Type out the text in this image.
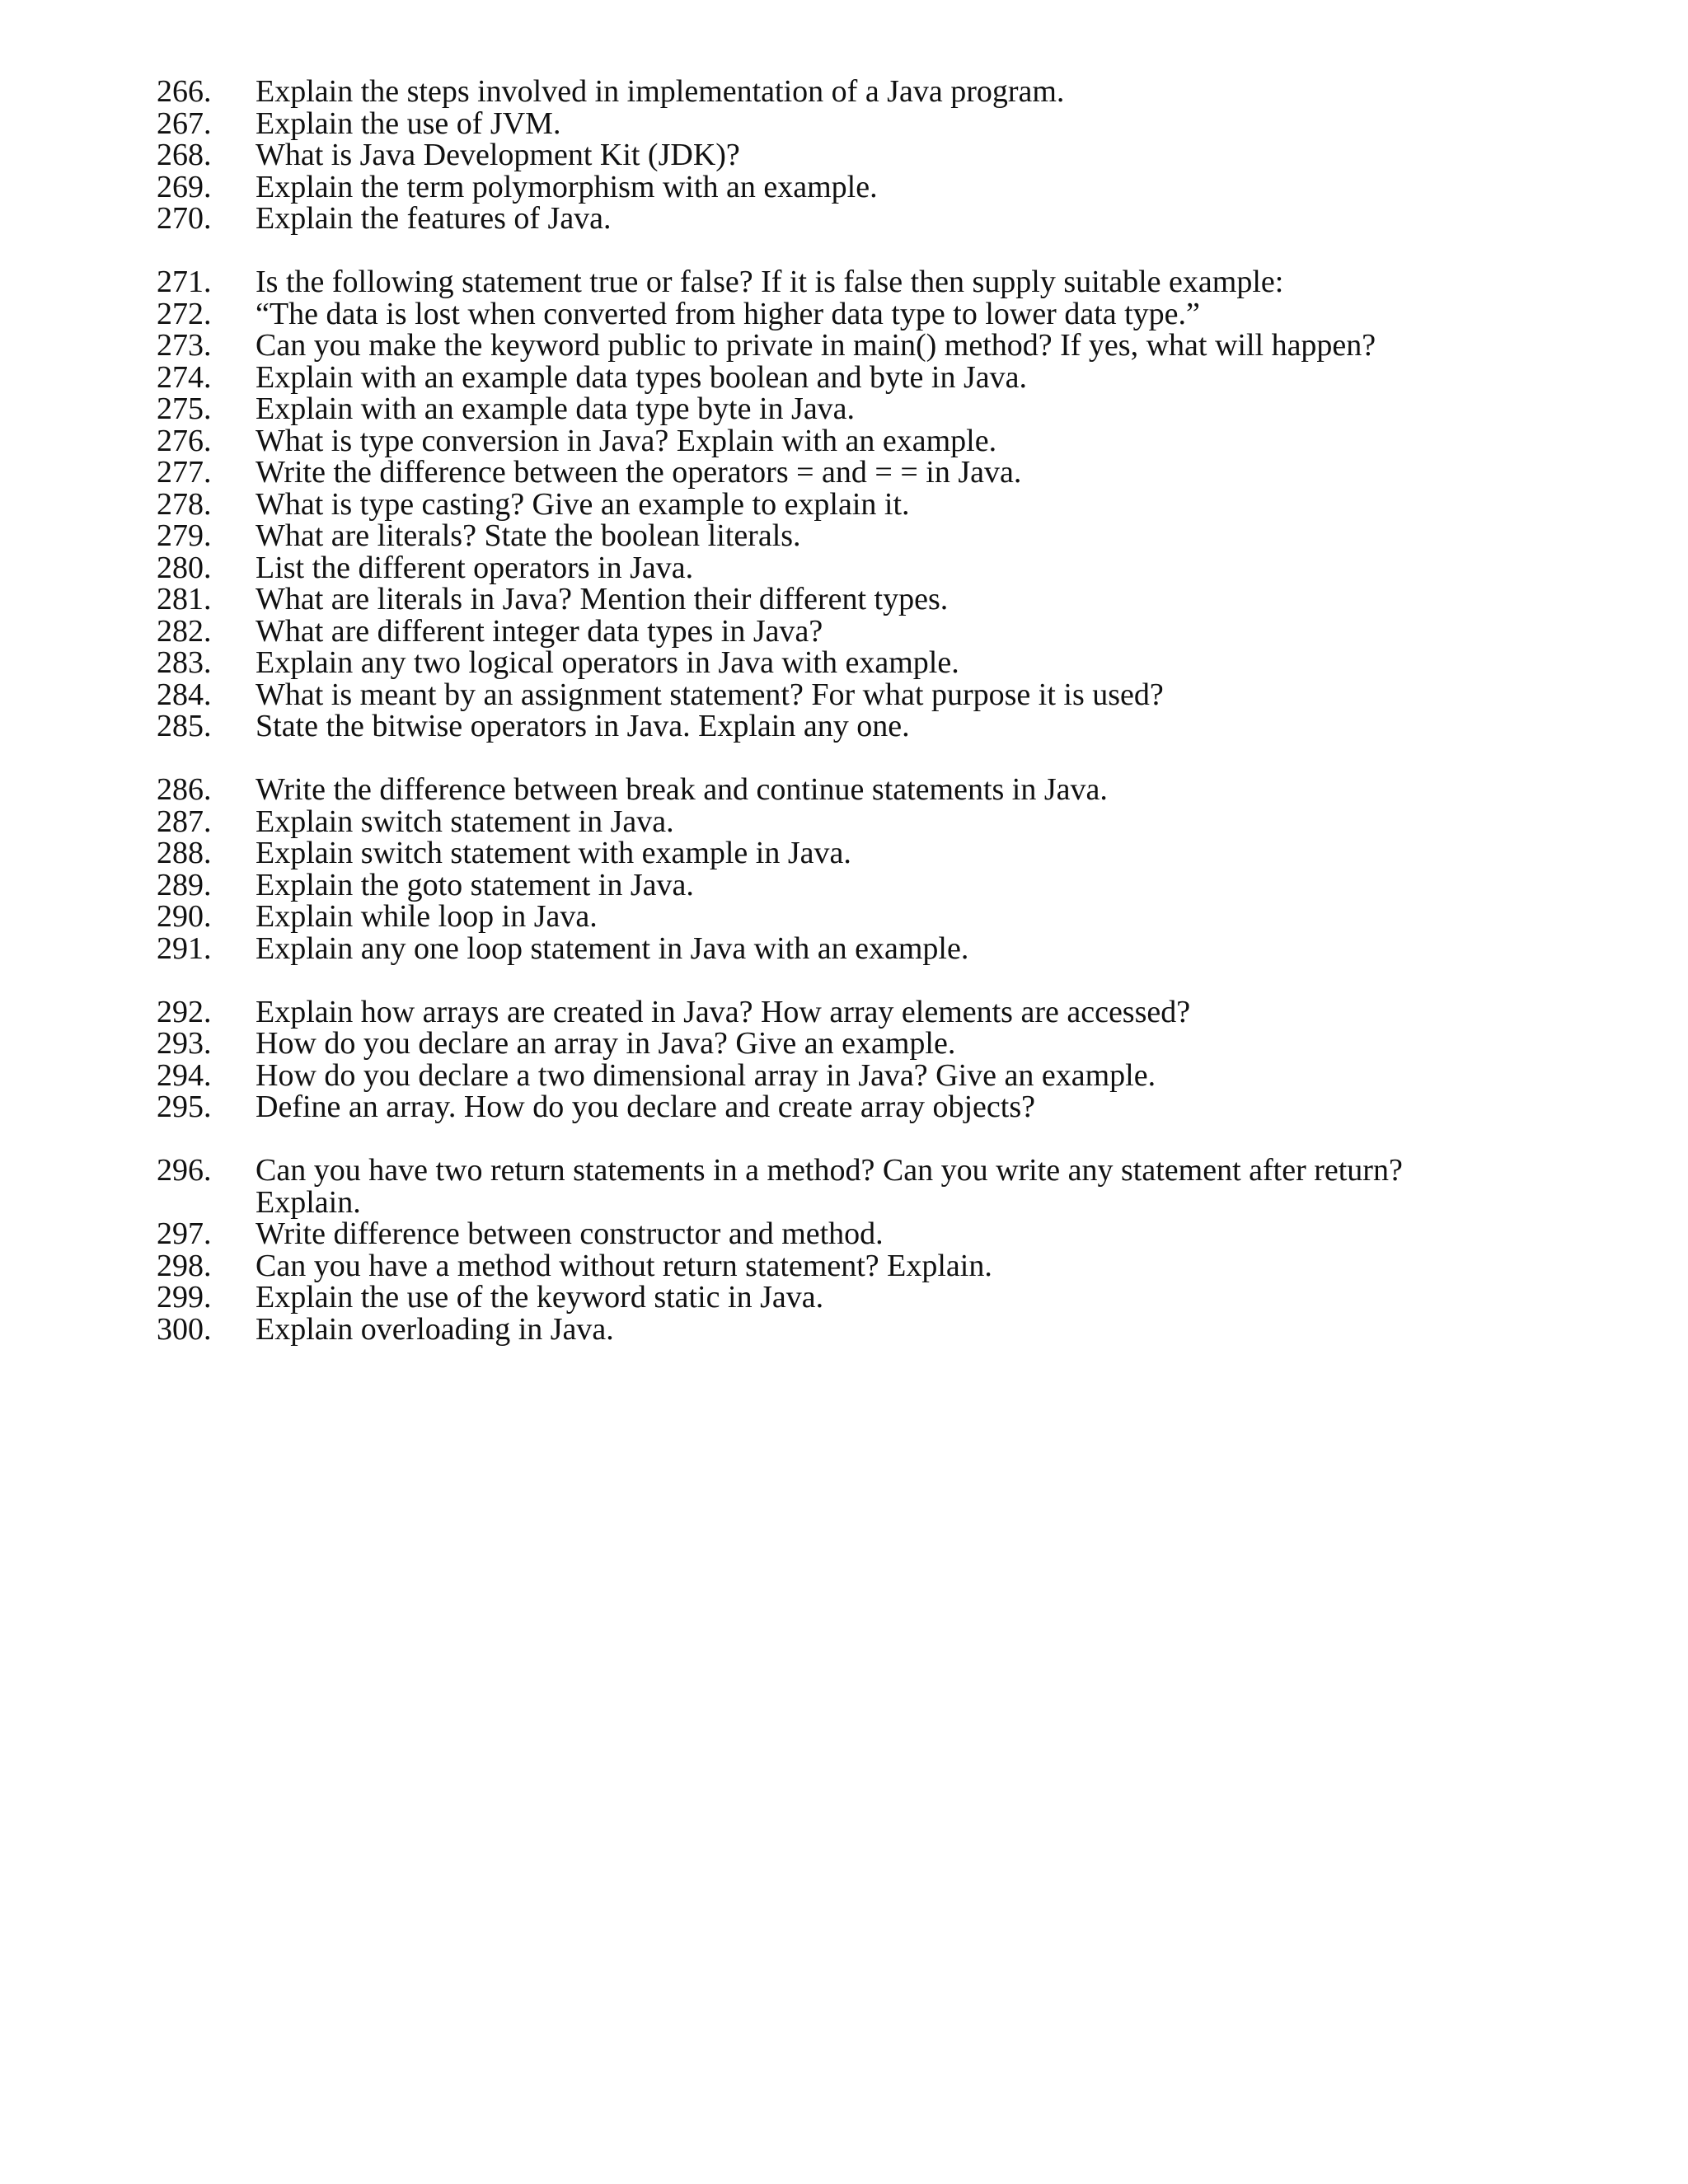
266.	Explain the steps involved in implementation of a Java program.
267.	Explain the use of JVM.
268.	What is Java Development Kit (JDK)?
269.	Explain the term polymorphism with an example.
270.	Explain the features of Java.
271.	Is the following statement true or false? If it is false then supply suitable example:
272.	“The data is lost when converted from higher data type to lower data type.”
273.	Can you make the keyword public to private in main() method? If yes, what will happen?
274.	Explain with an example data types boolean and byte in Java.
275.	Explain with an example data type byte in Java.
276.	What is type conversion in Java? Explain with an example.
277.	Write the difference between the operators = and = = in Java.
278.	What is type casting? Give an example to explain it.
279.	What are literals? State the boolean literals.
280.	List the different operators in Java.
281.	What are literals in Java? Mention their different types.
282.	What are different integer data types in Java?
283.	Explain any two logical operators in Java with example.
284.	What is meant by an assignment statement? For what purpose it is used?
285.	State the bitwise operators in Java. Explain any one.
286.	Write the difference between break and continue statements in Java.
287.	Explain switch statement in Java.
288.	Explain switch statement with example in Java.
289.	Explain the goto statement in Java.
290.	Explain while loop in Java.
291.	Explain any one loop statement in Java with an example.
292.	Explain how arrays are created in Java? How array elements are accessed?
293.	How do you declare an array in Java? Give an example.
294.	How do you declare a two dimensional array in Java? Give an example.
295.	Define an array. How do you declare and create array objects?
296.	Can you have two return statements in a method? Can you write any statement after return?
Explain.
297.	Write difference between constructor and method.
298.	Can you have a method without return statement? Explain.
299.	Explain the use of the keyword static in Java.
300.	Explain overloading in Java.
